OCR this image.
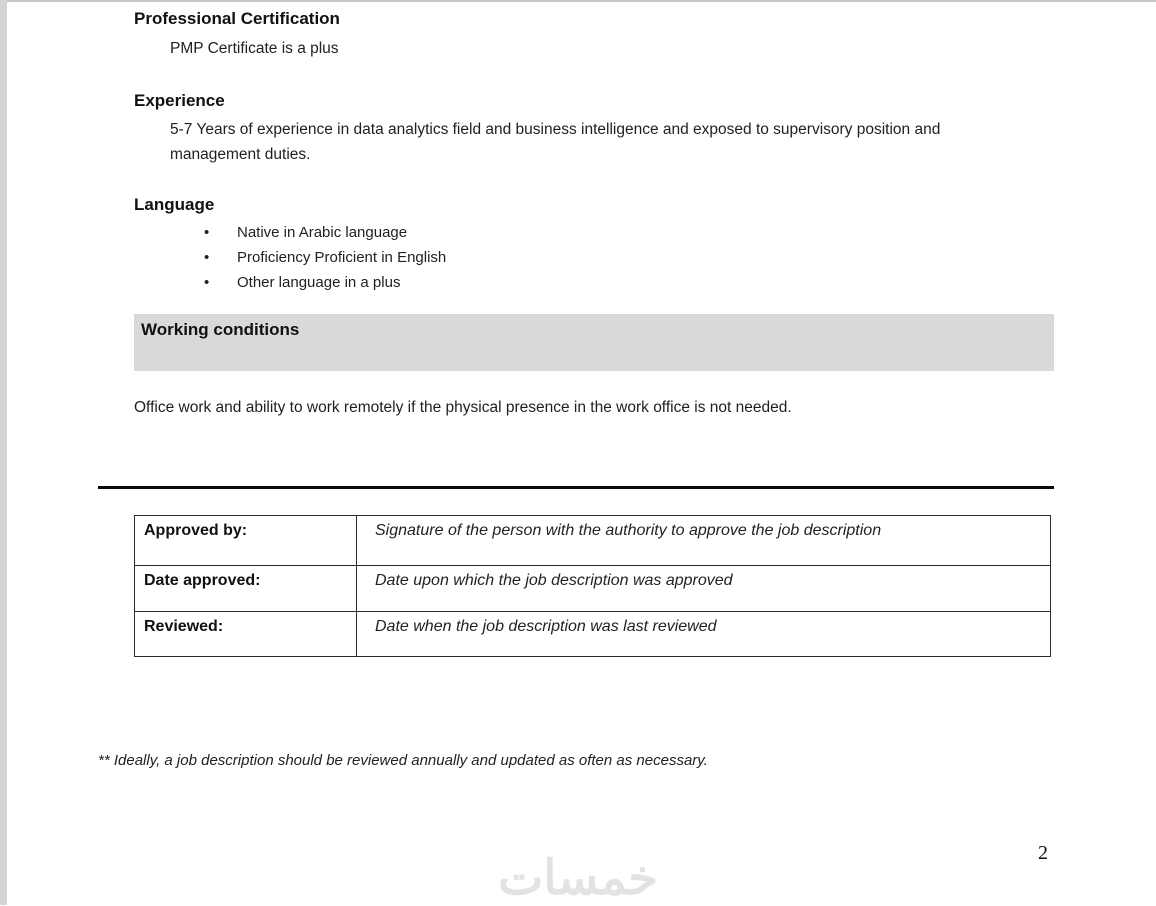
Professional Certification
PMP Certificate is a plus
Experience
5-7 Years of experience in data analytics field and business intelligence and exposed to supervisory position and management duties.
Language
• Native in Arabic language
• Proficiency Proficient in English
• Other language in a plus
Working conditions
Office work and ability to work remotely if the physical presence in the work office is not needed.
Approved by:	Signature of the person with the authority to approve the job description
Date approved:	Date upon which the job description was approved
Reviewed:	Date when the job description was last reviewed
** Ideally, a job description should be reviewed annually and updated as often as necessary.
2
خمسات
